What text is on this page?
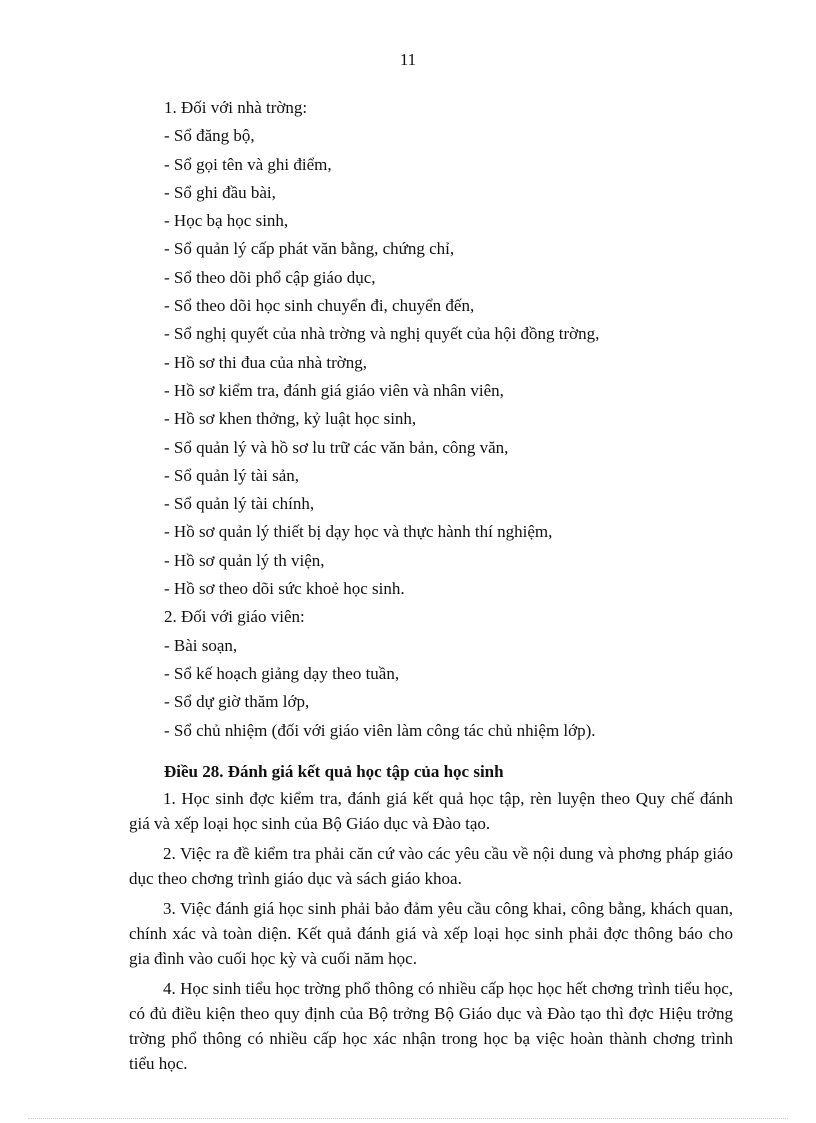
11
1. Đối với nhà trờng:
- Sổ đăng bộ,
- Sổ gọi tên và ghi điểm,
- Sổ ghi đầu bài,
- Học bạ học sinh,
- Sổ quản lý cấp phát văn bằng, chứng chỉ,
- Sổ theo dõi phổ cập giáo dục,
- Sổ theo dõi học sinh chuyển đi, chuyển đến,
- Sổ nghị quyết của nhà trờng và nghị quyết của hội đồng trờng,
- Hồ sơ thi đua của nhà trờng,
- Hồ sơ kiểm tra, đánh giá giáo viên và nhân viên,
- Hồ sơ khen thởng, kỷ luật học sinh,
- Sổ quản lý và hồ sơ lu trữ các văn bản, công văn,
- Sổ quản lý tài sản,
- Sổ quản lý tài chính,
- Hồ sơ quản lý thiết bị dạy học và thực hành thí nghiệm,
- Hồ sơ quản lý th viện,
- Hồ sơ theo dõi sức khoẻ học sinh.
2. Đối với giáo viên:
- Bài soạn,
- Sổ kế hoạch giảng dạy theo tuần,
- Sổ dự giờ thăm lớp,
- Sổ chủ nhiệm (đối với giáo viên làm công tác chủ nhiệm lớp).
Điều 28. Đánh giá kết quả học tập của học sinh

1. Học sinh đợc kiểm tra, đánh giá kết quả học tập, rèn luyện theo Quy chế đánh giá và xếp loại học sinh của Bộ Giáo dục và Đào tạo.

2. Việc ra đề kiểm tra phải căn cứ vào các yêu cầu về nội dung và phơng pháp giáo dục theo chơng trình giáo dục và sách giáo khoa.

3. Việc đánh giá học sinh phải bảo đảm yêu cầu công khai, công bằng, khách quan, chính xác và toàn diện. Kết quả đánh giá và xếp loại học sinh phải đợc thông báo cho gia đình vào cuối học kỳ và cuối năm học.

4. Học sinh tiểu học trờng phổ thông có nhiều cấp học học hết chơng trình tiểu học, có đủ điều kiện theo quy định của Bộ trởng Bộ Giáo dục và Đào tạo thì đợc Hiệu trởng trờng phổ thông có nhiều cấp học xác nhận trong học bạ việc hoàn thành chơng trình tiểu học.
